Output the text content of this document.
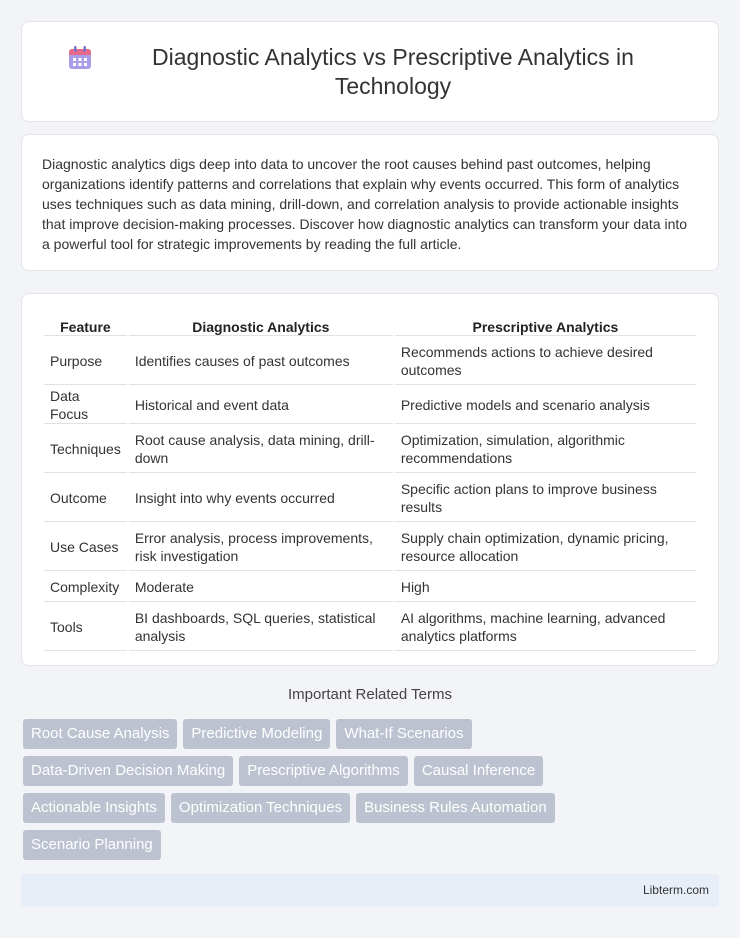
Diagnostic Analytics vs Prescriptive Analytics in Technology

Diagnostic analytics digs deep into data to uncover the root causes behind past outcomes, helping organizations identify patterns and correlations that explain why events occurred. This form of analytics uses techniques such as data mining, drill-down, and correlation analysis to provide actionable insights that improve decision-making processes. Discover how diagnostic analytics can transform your data into a powerful tool for strategic improvements by reading the full article.

Feature	Diagnostic Analytics	Prescriptive Analytics
Purpose	Identifies causes of past outcomes	Recommends actions to achieve desired outcomes
Data Focus	Historical and event data	Predictive models and scenario analysis
Techniques	Root cause analysis, data mining, drill-down	Optimization, simulation, algorithmic recommendations
Outcome	Insight into why events occurred	Specific action plans to improve business results
Use Cases	Error analysis, process improvements, risk investigation	Supply chain optimization, dynamic pricing, resource allocation
Complexity	Moderate	High
Tools	BI dashboards, SQL queries, statistical analysis	AI algorithms, machine learning, advanced analytics platforms
Important Related Terms
Root Cause Analysis	Predictive Modeling	What-If Scenarios
Data-Driven Decision Making	Prescriptive Algorithms	Causal Inference
Actionable Insights	Optimization Techniques	Business Rules Automation
Scenario Planning
Libterm.com
